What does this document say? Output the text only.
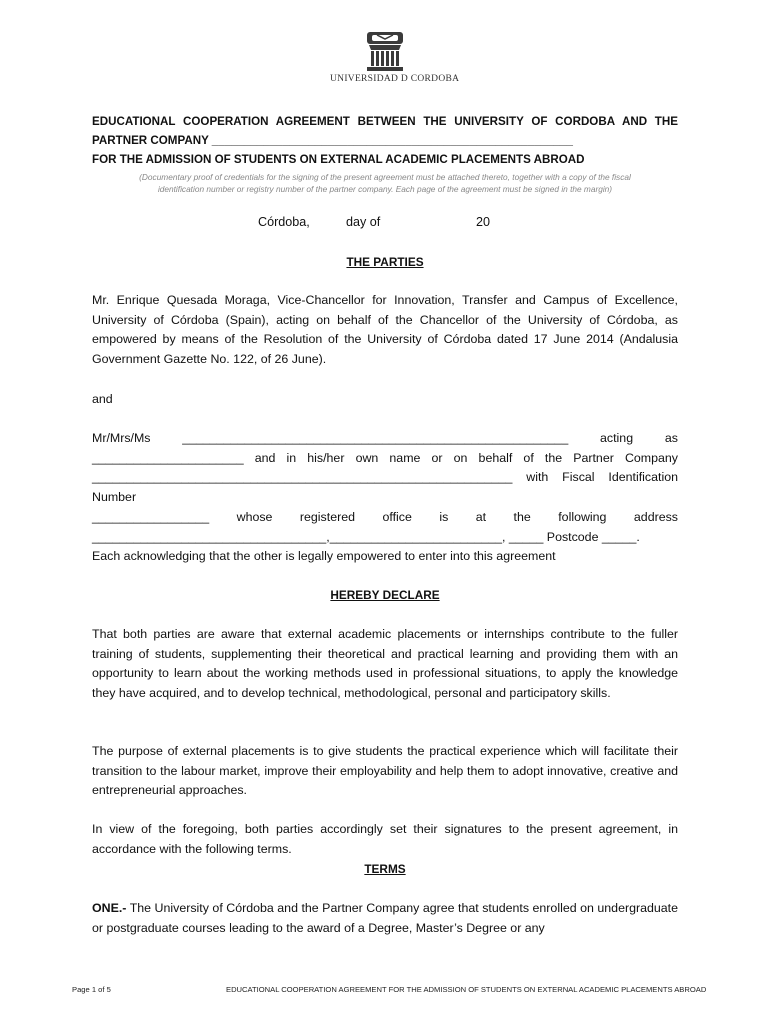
UNIVERSIDAD D CORDOBA
EDUCATIONAL COOPERATION AGREEMENT BETWEEN THE UNIVERSITY OF CORDOBA AND THE
PARTNER COMPANY ________________________________________________________
FOR THE ADMISSION OF STUDENTS ON EXTERNAL ACADEMIC PLACEMENTS ABROAD
(Documentary proof of credentials for the signing of the present agreement must be attached thereto, together with a copy of the fiscal
identification number or registry number of the partner company. Each page of the agreement must be signed in the margin)
Córdoba,	day of	20
THE PARTIES
Mr. Enrique Quesada Moraga, Vice-Chancellor for Innovation, Transfer and Campus of Excellence, University of Córdoba (Spain), acting on behalf of the Chancellor of the University of Córdoba, as empowered by means of the Resolution of the University of Córdoba dated 17 June 2014 (Andalusia Government Gazette No. 122, of 26 June).
and
Mr/Mrs/Ms ________________________________________________________ acting as
______________________ and in his/her own name or on behalf of the Partner Company
_____________________________________________________________ with Fiscal Identification Number
_________________ whose registered office is at the following address
__________________________________,_________________________, _____ Postcode _____.
Each acknowledging that the other is legally empowered to enter into this agreement
HEREBY DECLARE
That both parties are aware that external academic placements or internships contribute to the fuller training of students, supplementing their theoretical and practical learning and providing them with an opportunity to learn about the working methods used in professional situations, to apply the knowledge they have acquired, and to develop technical, methodological, personal and participatory skills.
The purpose of external placements is to give students the practical experience which will facilitate their transition to the labour market, improve their employability and help them to adopt innovative, creative and entrepreneurial approaches.
In view of the foregoing, both parties accordingly set their signatures to the present agreement, in accordance with the following terms.
TERMS
ONE.- The University of Córdoba and the Partner Company agree that students enrolled on undergraduate or postgraduate courses leading to the award of a Degree, Master’s Degree or any
Page 1 of 5	EDUCATIONAL COOPERATION AGREEMENT FOR THE ADMISSION OF STUDENTS ON EXTERNAL ACADEMIC PLACEMENTS ABROAD
